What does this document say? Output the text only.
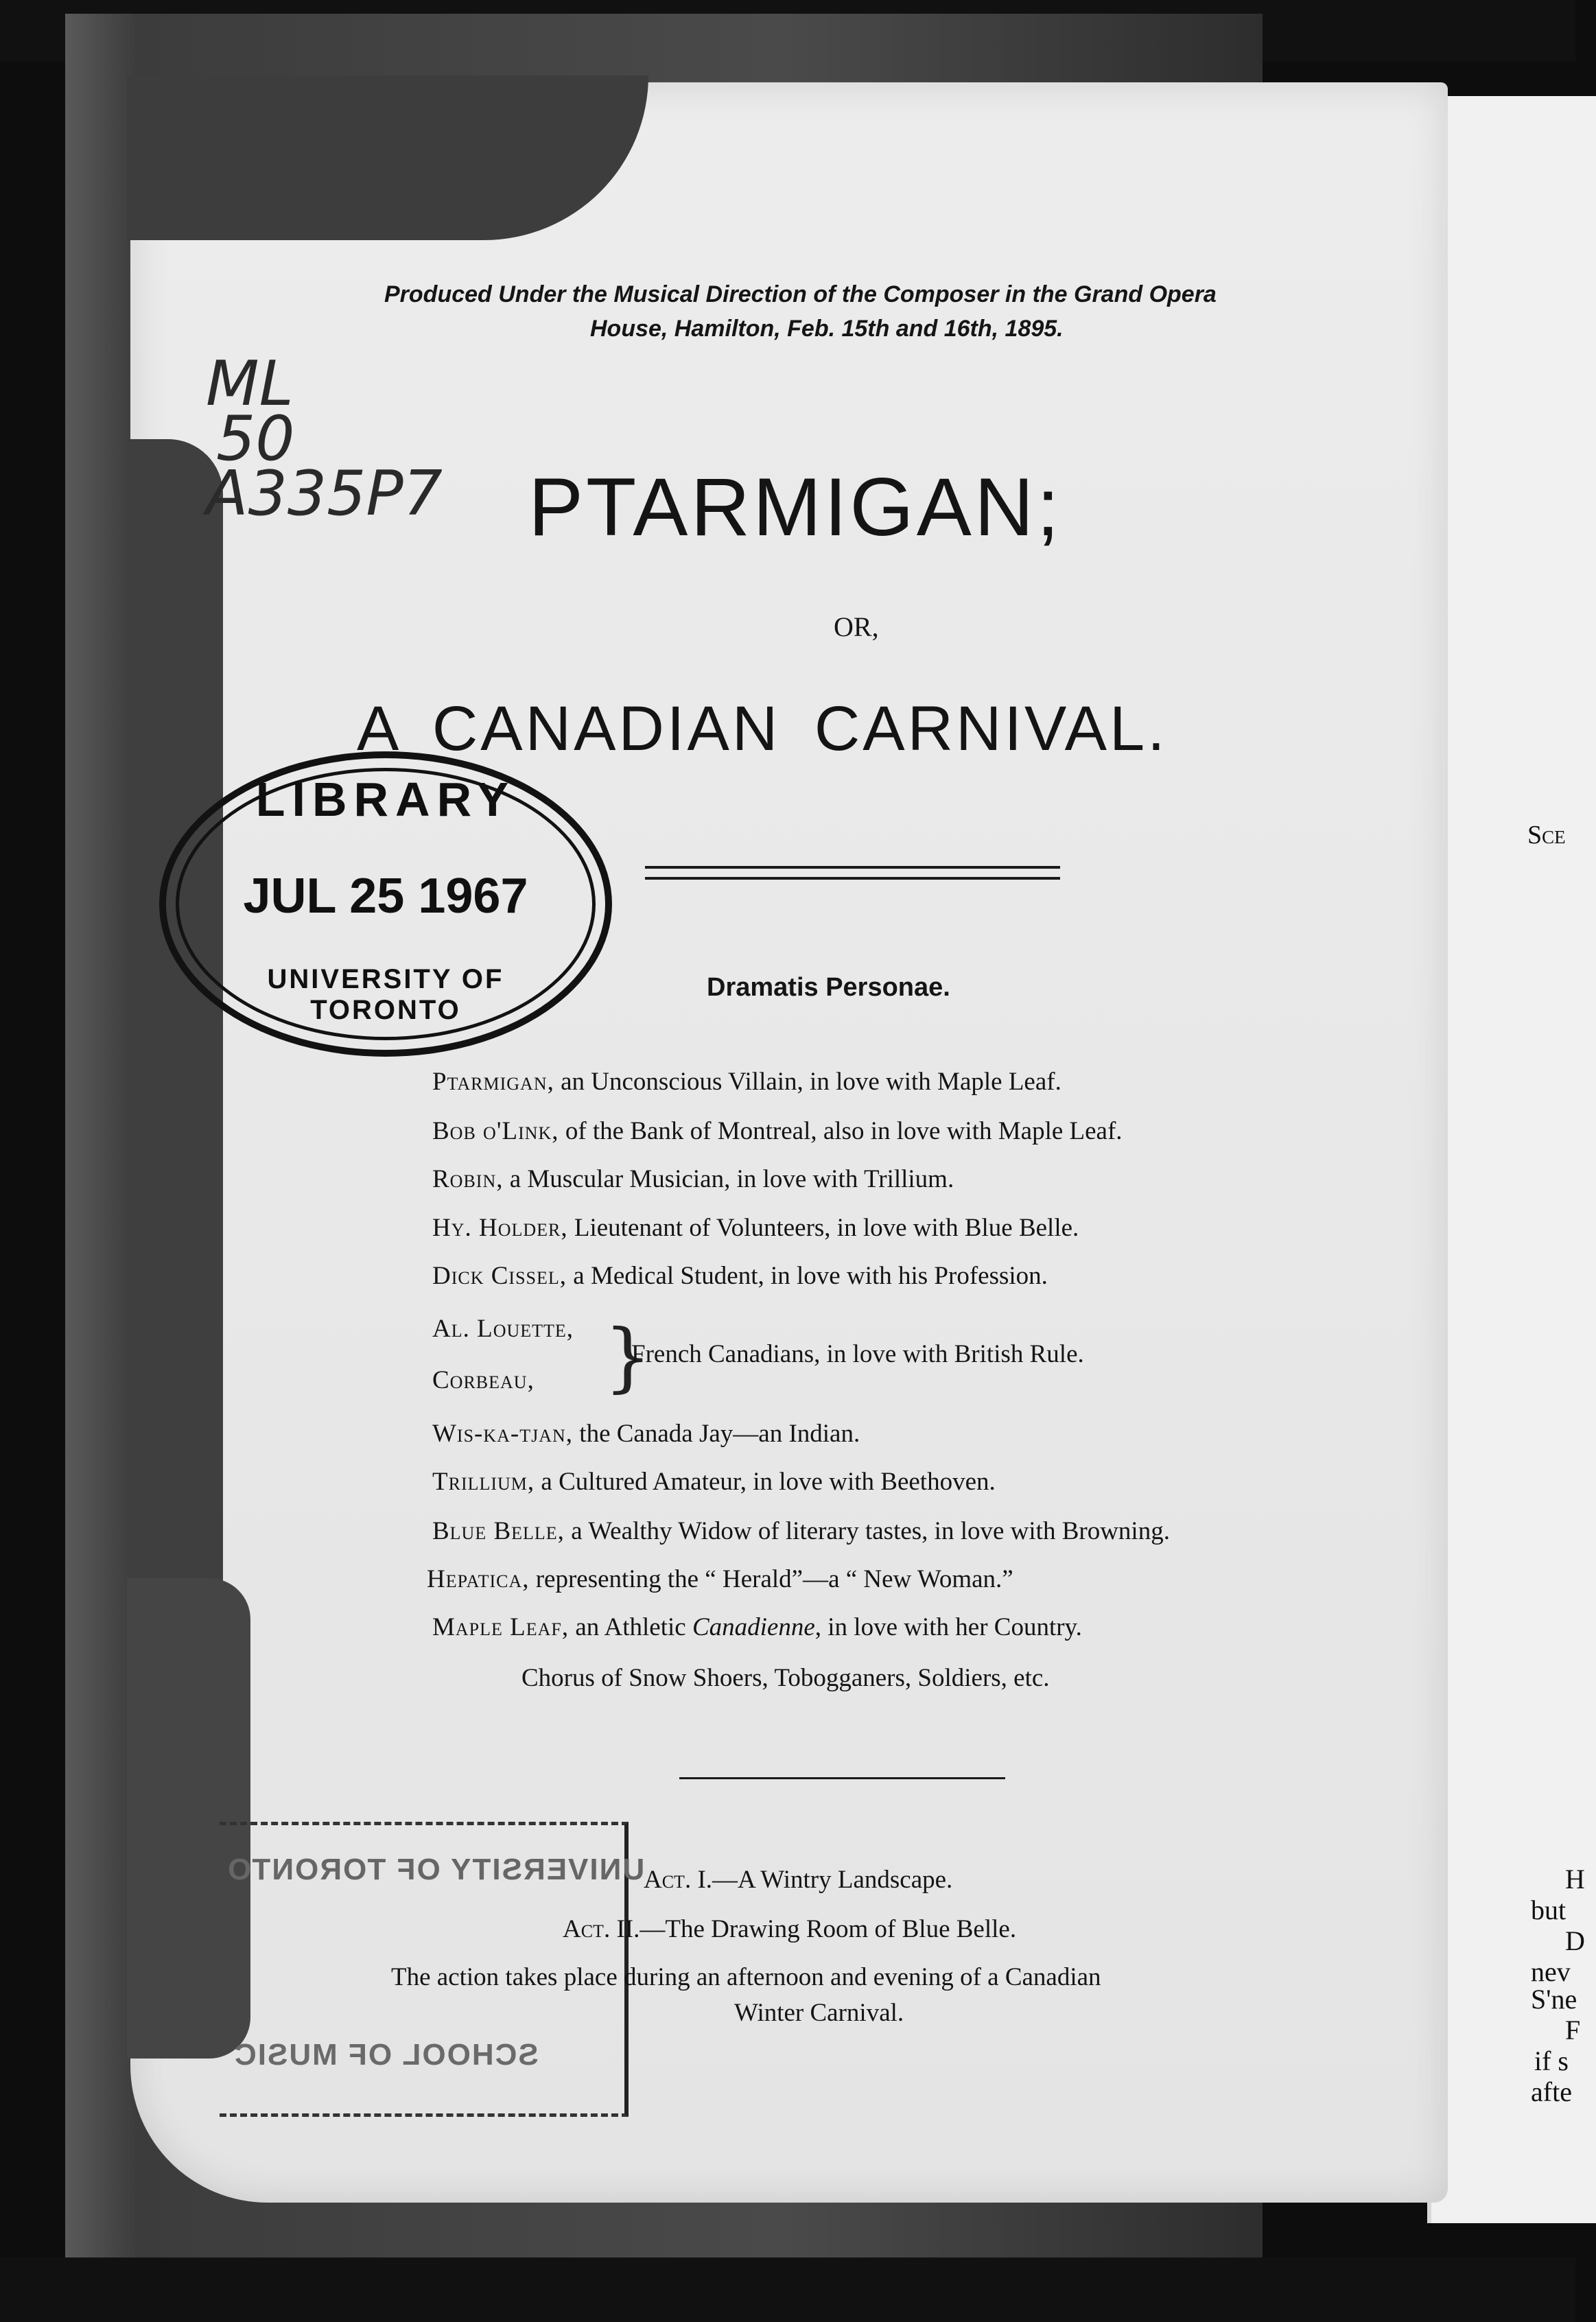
Sce
H
but
D
nev
S'ne
F
if s
afte
Produced Under the Musical Direction of the Composer in the Grand Opera
House, Hamilton, Feb. 15th and 16th, 1895.
ML
50
A335P7 PTARMIGAN;
OR,
A CANADIAN CARNIVAL.
LIBRARY
JUL 25 1967
UNIVERSITY OF TORONTO
Dramatis Personae.
Ptarmigan, an Unconscious Villain, in love with Maple Leaf.
Bob o'Link, of the Bank of Montreal, also in love with Maple Leaf.
Robin, a Muscular Musician, in love with Trillium.
Hy. Holder, Lieutenant of Volunteers, in love with Blue Belle.
Dick Cissel, a Medical Student, in love with his Profession.
Al. Louette,
Corbeau, }
French Canadians, in love with British Rule.
Wis-ka-tjan, the Canada Jay—an Indian.
Trillium, a Cultured Amateur, in love with Beethoven.
Blue Belle, a Wealthy Widow of literary tastes, in love with Browning.
Hepatica, representing the “ Herald”—a “ New Woman.”
Maple Leaf, an Athletic Canadienne, in love with her Country.
Chorus of Snow Shoers, Tobogganers, Soldiers, etc.
UNIVERSITY OF TORONTO
SCHOOL OF MUSIC
Act. I.—A Wintry Landscape.
Act. II.—The Drawing Room of Blue Belle.
The action takes place during an afternoon and evening of a Canadian
Winter Carnival.
